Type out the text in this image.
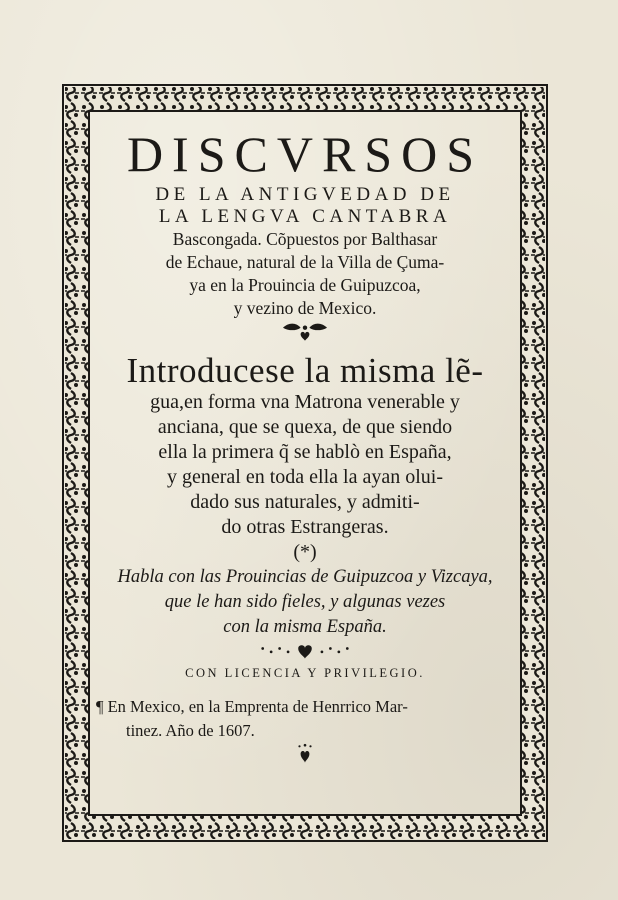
DISCVRSOS
DE LA ANTIGVEDAD DE
LA LENGVA CANTABRA
Bascongada. Cõpuestos por Balthasar
de Echaue, natural de la Villa de Çuma-
ya en la Prouincia de Guipuzcoa,
y vezino de Mexico.
Introducese la misma lẽ-
gua,en forma vna Matrona venerable y
anciana, que se quexa, de que siendo
ella la primera q̃ se hablò en España,
y general en toda ella la ayan olui-
dado sus naturales, y admiti-
do otras Estrangeras.
(*)
Habla con las Prouincias de Guipuzcoa y Vizcaya,
que le han sido fieles, y algunas vezes
con la misma España.
CON LICENCIA Y PRIVILEGIO.
¶ En Mexico, en la Emprenta de Henrrico Mar-
tinez. Año de 1607.
